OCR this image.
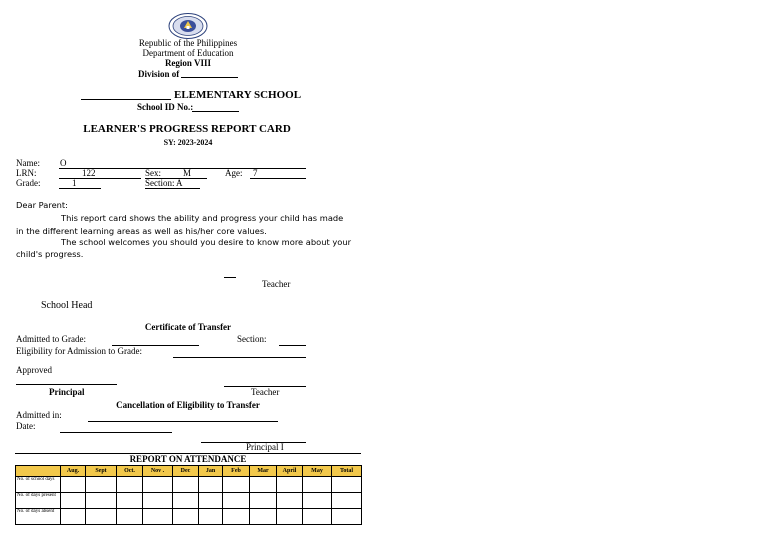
Republic of the Philippines
Department of Education
Region VIII
Division of
ELEMENTARY SCHOOL
School ID No.:
LEARNER'S PROGRESS REPORT CARD
SY: 2023-2024
Name: O
LRN:	122	Sex: M	Age: 7
Grade:	1	Section: A
Dear Parent:
This report card shows the ability and progress your child has made
in the different learning areas as well as his/her core values.
The school welcomes you should you desire to know more about your
child's progress.
Teacher
School Head
Certificate of Transfer
Admitted to Grade:	Section:
Eligibility for Admission to Grade:
Approved
Principal	Teacher
Cancellation of Eligibility to Transfer
Admitted in:
Date:
Principal I
REPORT ON ATTENDANCE
	Aug.	Sept	Oct.	Nov .	Dec	Jan	Feb	Mar	April	May	Total
No. of school days											
No. of days present											
No. of days absent											
